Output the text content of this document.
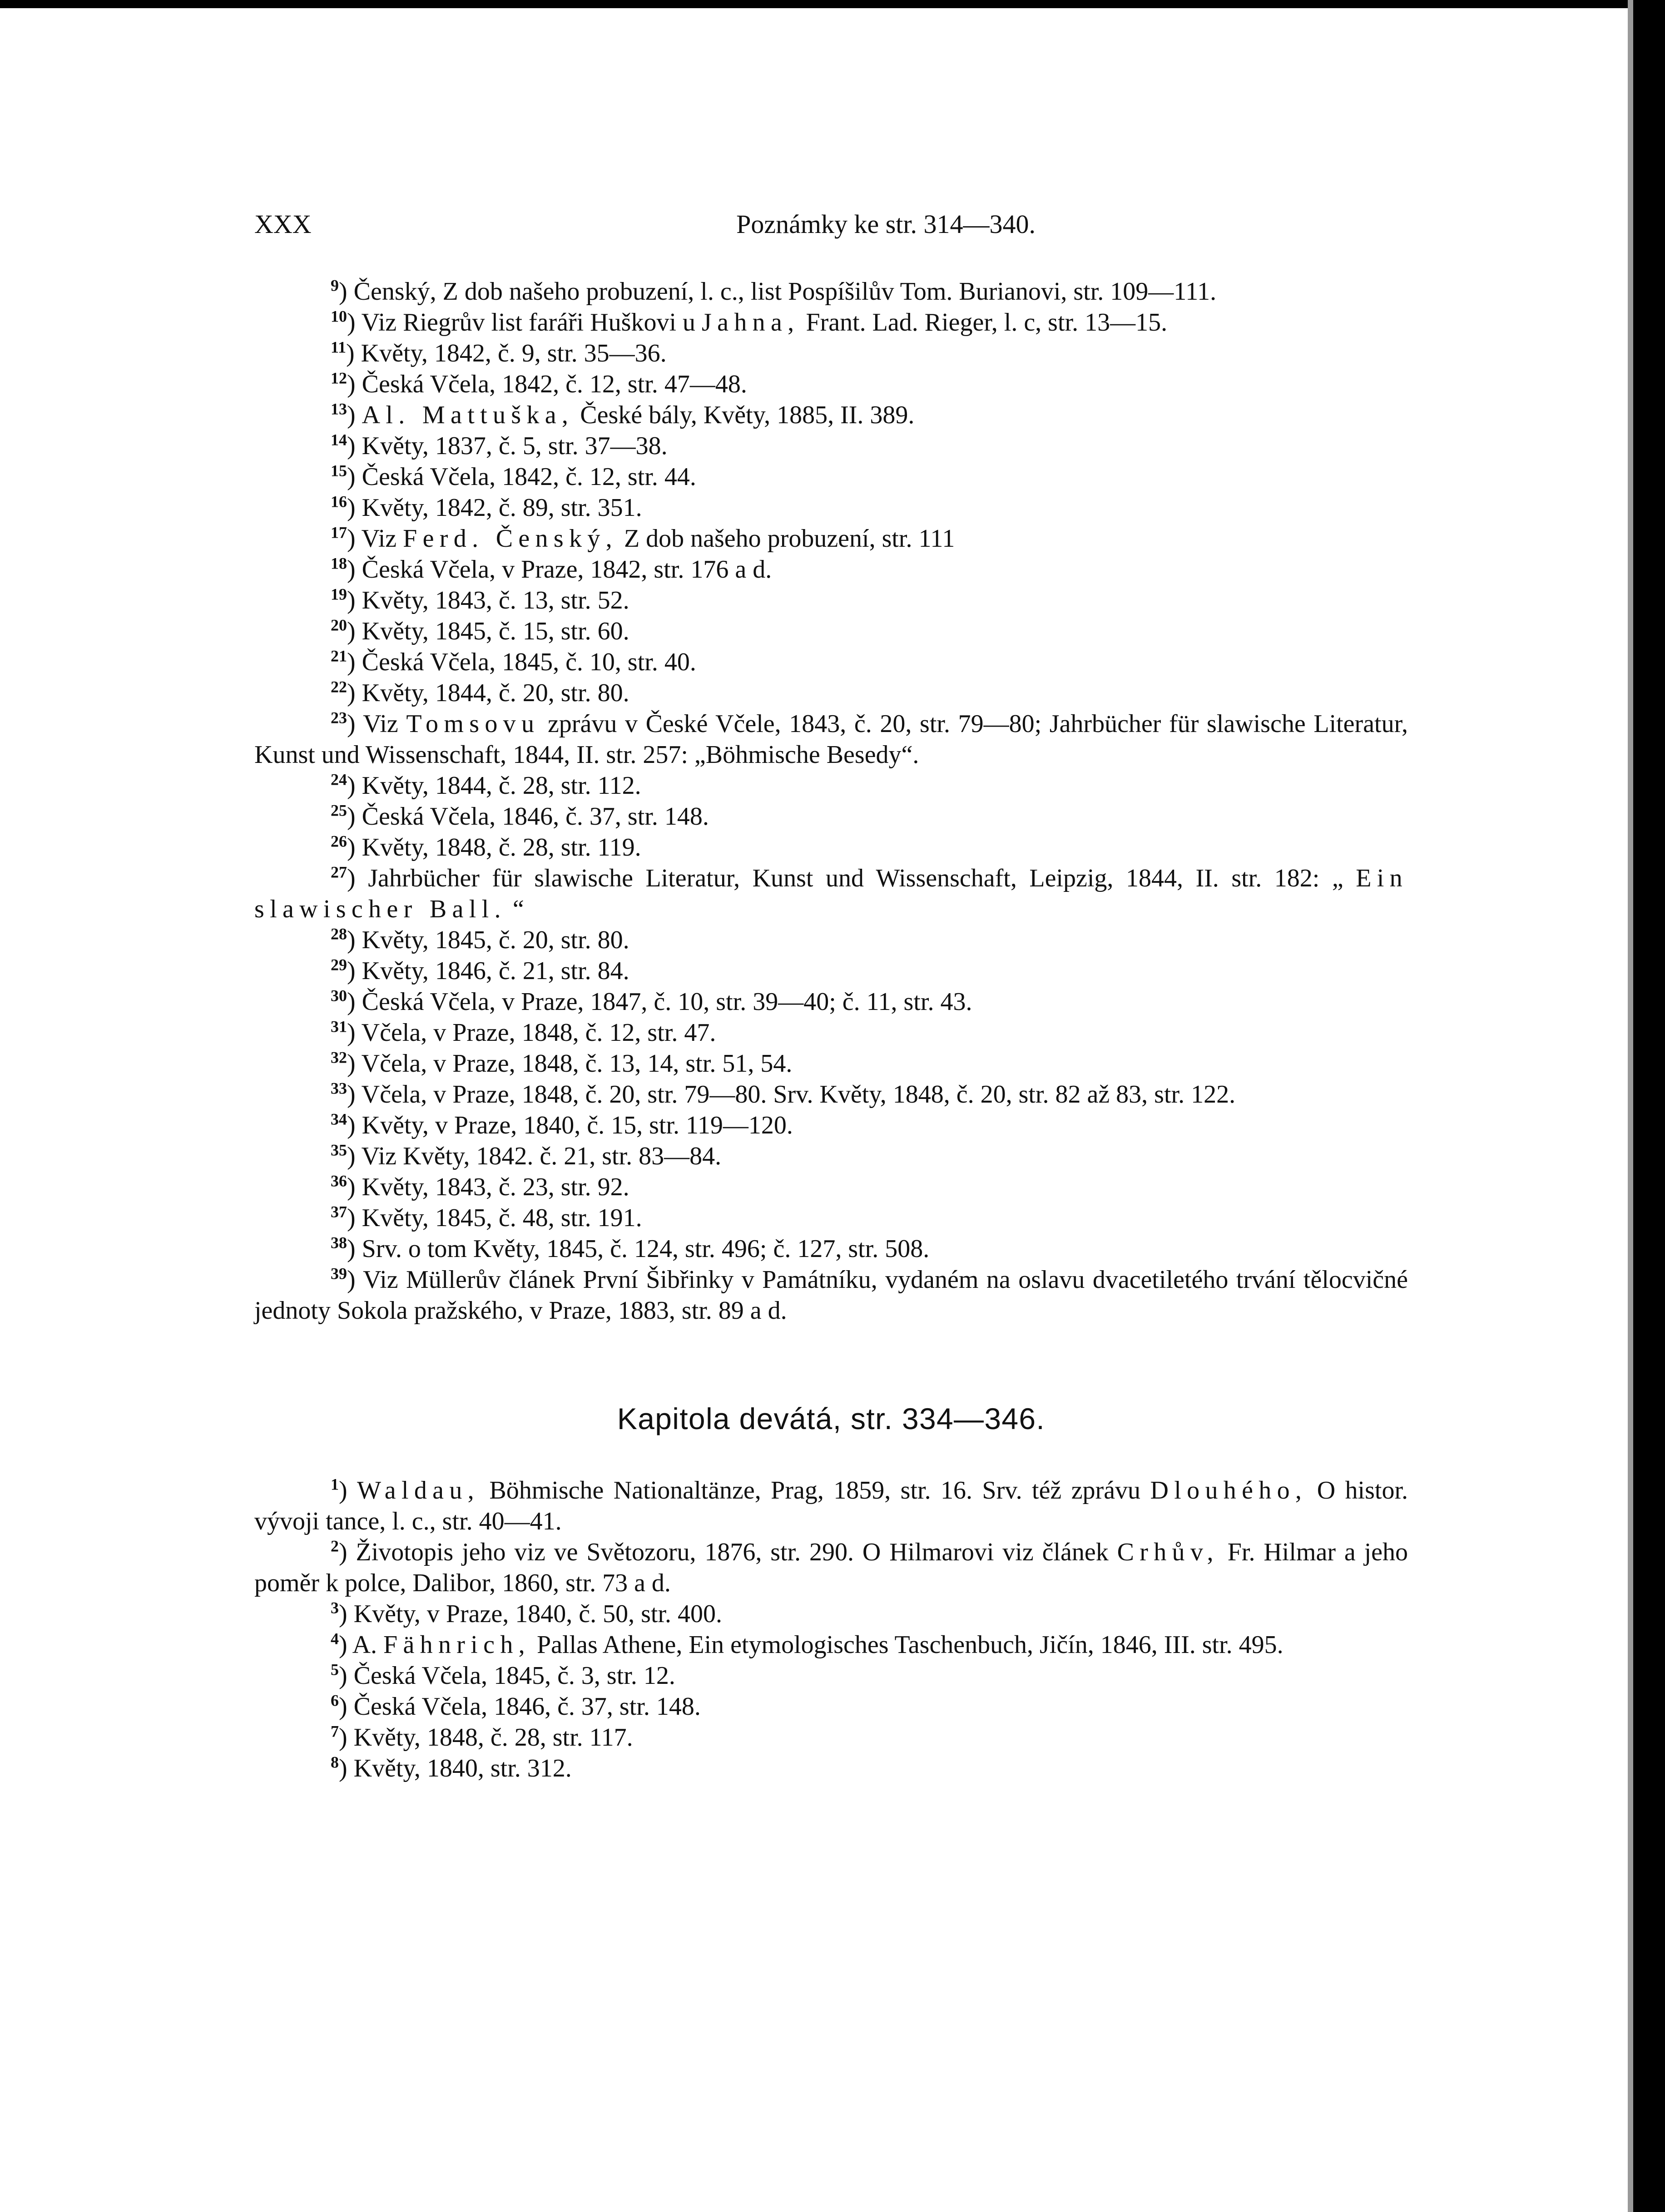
XXX	Poznámky ke str. 314—340.

$^9$) Čenský, Z dob našeho probuzení, l. c., list Pospíšilův Tom. Burianovi, str. 109—111.

$^{10}$) Viz Riegrův list faráři Huškovi u Jahna, Frant. Lad. Rieger, l. c, str. 13—15.

$^{11}$) Květy, 1842, č. 9, str. 35—36.

$^{12}$) Česká Včela, 1842, č. 12, str. 47—48.

$^{13}$) Al. Mattuška, České bály, Květy, 1885, II. 389.

$^{14}$) Květy, 1837, č. 5, str. 37—38.

$^{15}$) Česká Včela, 1842, č. 12, str. 44.

$^{16}$) Květy, 1842, č. 89, str. 351.

$^{17}$) Viz Ferd. Čenský, Z dob našeho probuzení, str. 111

$^{18}$) Česká Včela, v Praze, 1842, str. 176 a d.

$^{19}$) Květy, 1843, č. 13, str. 52.

$^{20}$) Květy, 1845, č. 15, str. 60.

$^{21}$) Česká Včela, 1845, č. 10, str. 40.

$^{22}$) Květy, 1844, č. 20, str. 80.

$^{23}$) Viz Tomsovu zprávu v České Včele, 1843, č. 20, str. 79—80; Jahrbücher für slawische Literatur, Kunst und Wissenschaft, 1844, II. str. 257: „Böhmische Besedy“.

$^{24}$) Květy, 1844, č. 28, str. 112.

$^{25}$) Česká Včela, 1846, č. 37, str. 148.

$^{26}$) Květy, 1848, č. 28, str. 119.

$^{27}$) Jahrbücher für slawische Literatur, Kunst und Wissenschaft, Leipzig, 1844, II. str. 182: „ Ein slawischer Ball. “

$^{28}$) Květy, 1845, č. 20, str. 80.

$^{29}$) Květy, 1846, č. 21, str. 84.

$^{30}$) Česká Včela, v Praze, 1847, č. 10, str. 39—40; č. 11, str. 43.

$^{31}$) Včela, v Praze, 1848, č. 12, str. 47.

$^{32}$) Včela, v Praze, 1848, č. 13, 14, str. 51, 54.

$^{33}$) Včela, v Praze, 1848, č. 20, str. 79—80. Srv. Květy, 1848, č. 20, str. 82 až 83, str. 122.

$^{34}$) Květy, v Praze, 1840, č. 15, str. 119—120.

$^{35}$) Viz Květy, 1842. č. 21, str. 83—84.

$^{36}$) Květy, 1843, č. 23, str. 92.

$^{37}$) Květy, 1845, č. 48, str. 191.

$^{38}$) Srv. o tom Květy, 1845, č. 124, str. 496; č. 127, str. 508.

$^{39}$) Viz Müllerův článek První Šibřinky v Památníku, vydaném na oslavu dvacetiletého trvání tělocvičné jednoty Sokola pražského, v Praze, 1883, str. 89 a d.

Kapitola devátá, str. 334—346.

$^1$) Waldau, Böhmische Nationaltänze, Prag, 1859, str. 16. Srv. též zprávu Dlouhého, O histor. vývoji tance, l. c., str. 40—41.

$^2$) Životopis jeho viz ve Světozoru, 1876, str. 290. O Hilmarovi viz článek Crhův, Fr. Hilmar a jeho poměr k polce, Dalibor, 1860, str. 73 a d.

$^3$) Květy, v Praze, 1840, č. 50, str. 400.

$^4$) A. Fähnrich, Pallas Athene, Ein etymologisches Taschenbuch, Jičín, 1846, III. str. 495.

$^5$) Česká Včela, 1845, č. 3, str. 12.

$^6$) Česká Včela, 1846, č. 37, str. 148.

$^7$) Květy, 1848, č. 28, str. 117.

$^8$) Květy, 1840, str. 312.
